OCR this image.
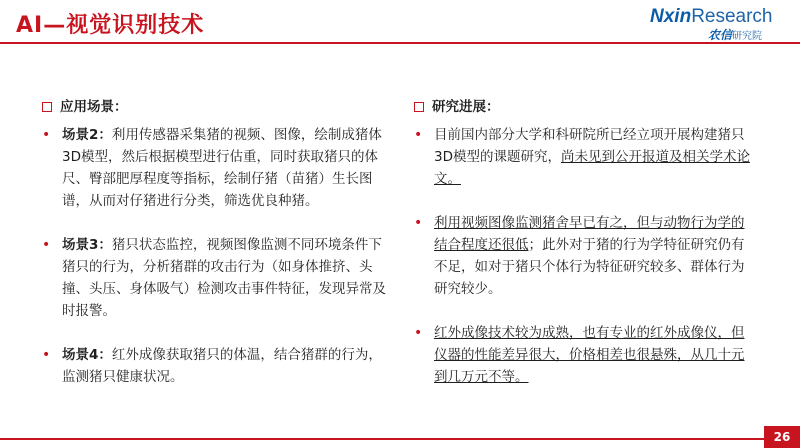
AI—视觉识别技术	NxinResearch
农信研究院
应用场景：
• 场景2：利用传感器采集猪的视频、图像，绘制成猪体3D模型，然后根据模型进行估重，同时获取猪只的体尺、臀部肥厚程度等指标，绘制仔猪（苗猪）生长图谱，从而对仔猪进行分类，筛选优良种猪。
• 场景3：猪只状态监控，视频图像监测不同环境条件下猪只的行为，分析猪群的攻击行为（如身体推挤、头撞、头压、身体吸气）检测攻击事件特征，发现异常及时报警。
• 场景4：红外成像获取猪只的体温，结合猪群的行为，监测猪只健康状况。
研究进展：
• 目前国内部分大学和科研院所已经立项开展构建猪只3D模型的课题研究，尚未见到公开报道及相关学术论文。
• 利用视频图像监测猪舍早已有之，但与动物行为学的结合程度还很低；此外对于猪的行为学特征研究仍有不足，如对于猪只个体行为特征研究较多、群体行为研究较少。
• 红外成像技术较为成熟，也有专业的红外成像仪，但仪器的性能差异很大，价格相差也很悬殊，从几十元到几万元不等。
26
